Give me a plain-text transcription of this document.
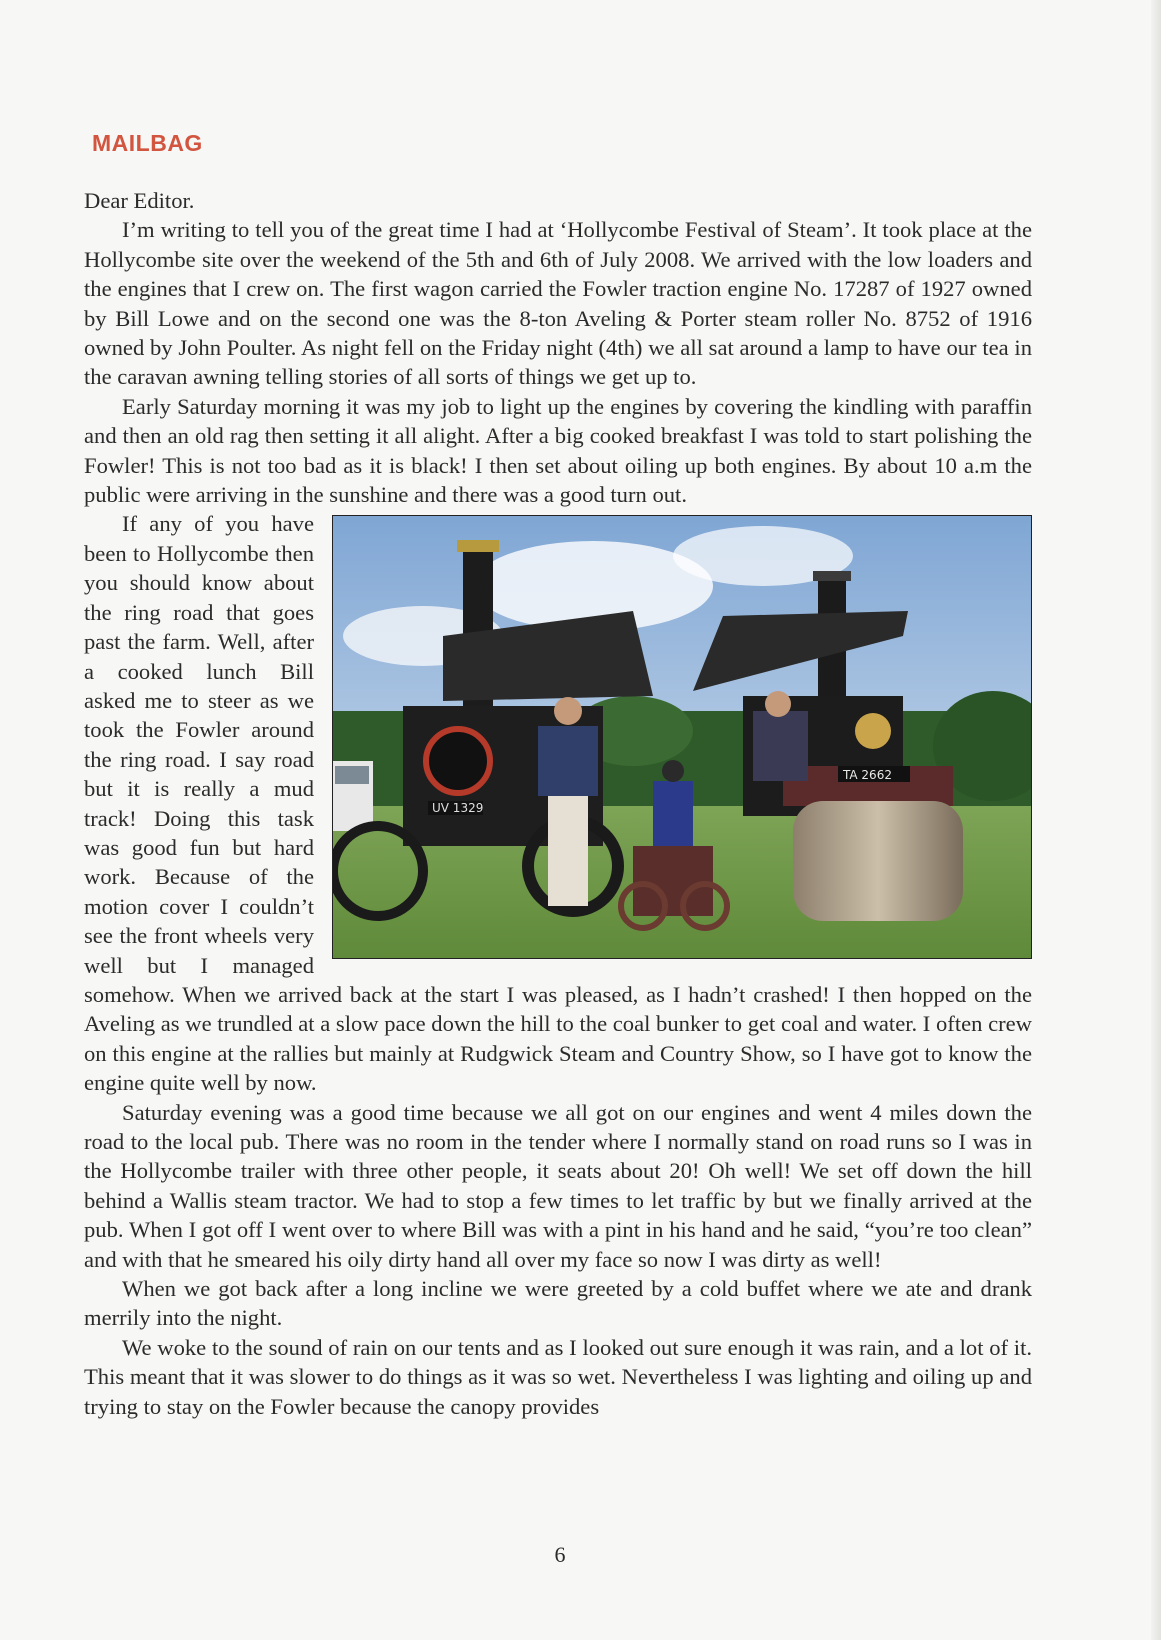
MAILBAG

Dear Editor.

I’m writing to tell you of the great time I had at ‘Hollycombe Festival of Steam’. It took place at the Hollycombe site over the weekend of the 5th and 6th of July 2008. We arrived with the low loaders and the engines that I crew on. The first wagon carried the Fowler traction engine No. 17287 of 1927 owned by Bill Lowe and on the second one was the 8-ton Aveling & Porter steam roller No. 8752 of 1916 owned by John Poulter. As night fell on the Friday night (4th) we all sat around a lamp to have our tea in the caravan awning telling stories of all sorts of things we get up to.

Early Saturday morning it was my job to light up the engines by covering the kindling with paraffin and then an old rag then setting it all alight. After a big cooked breakfast I was told to start polishing the Fowler! This is not too bad as it is black! I then set about oiling up both engines. By about 10 a.m the public were arriving in the sunshine and there was a good turn out.

UV 1329
TA 2662

If any of you have been to Hollycombe then you should know about the ring road that goes past the farm. Well, after a cooked lunch Bill asked me to steer as we took the Fowler around the ring road. I say road but it is really a mud track! Doing this task was good fun but hard work. Because of the motion cover I couldn’t see the front wheels very well but I managed somehow. When we arrived back at the start I was pleased, as I hadn’t crashed! I then hopped on the Aveling as we trundled at a slow pace down the hill to the coal bunker to get coal and water. I often crew on this engine at the rallies but mainly at Rudgwick Steam and Country Show, so I have got to know the engine quite well by now.

Saturday evening was a good time because we all got on our engines and went 4 miles down the road to the local pub. There was no room in the tender where I normally stand on road runs so I was in the Hollycombe trailer with three other people, it seats about 20! Oh well! We set off down the hill behind a Wallis steam tractor. We had to stop a few times to let traffic by but we finally arrived at the pub. When I got off I went over to where Bill was with a pint in his hand and he said, “you’re too clean” and with that he smeared his oily dirty hand all over my face so now I was dirty as well!

When we got back after a long incline we were greeted by a cold buffet where we ate and drank merrily into the night.

We woke to the sound of rain on our tents and as I looked out sure enough it was rain, and a lot of it. This meant that it was slower to do things as it was so wet. Nevertheless I was lighting and oiling up and trying to stay on the Fowler because the canopy provides

6
